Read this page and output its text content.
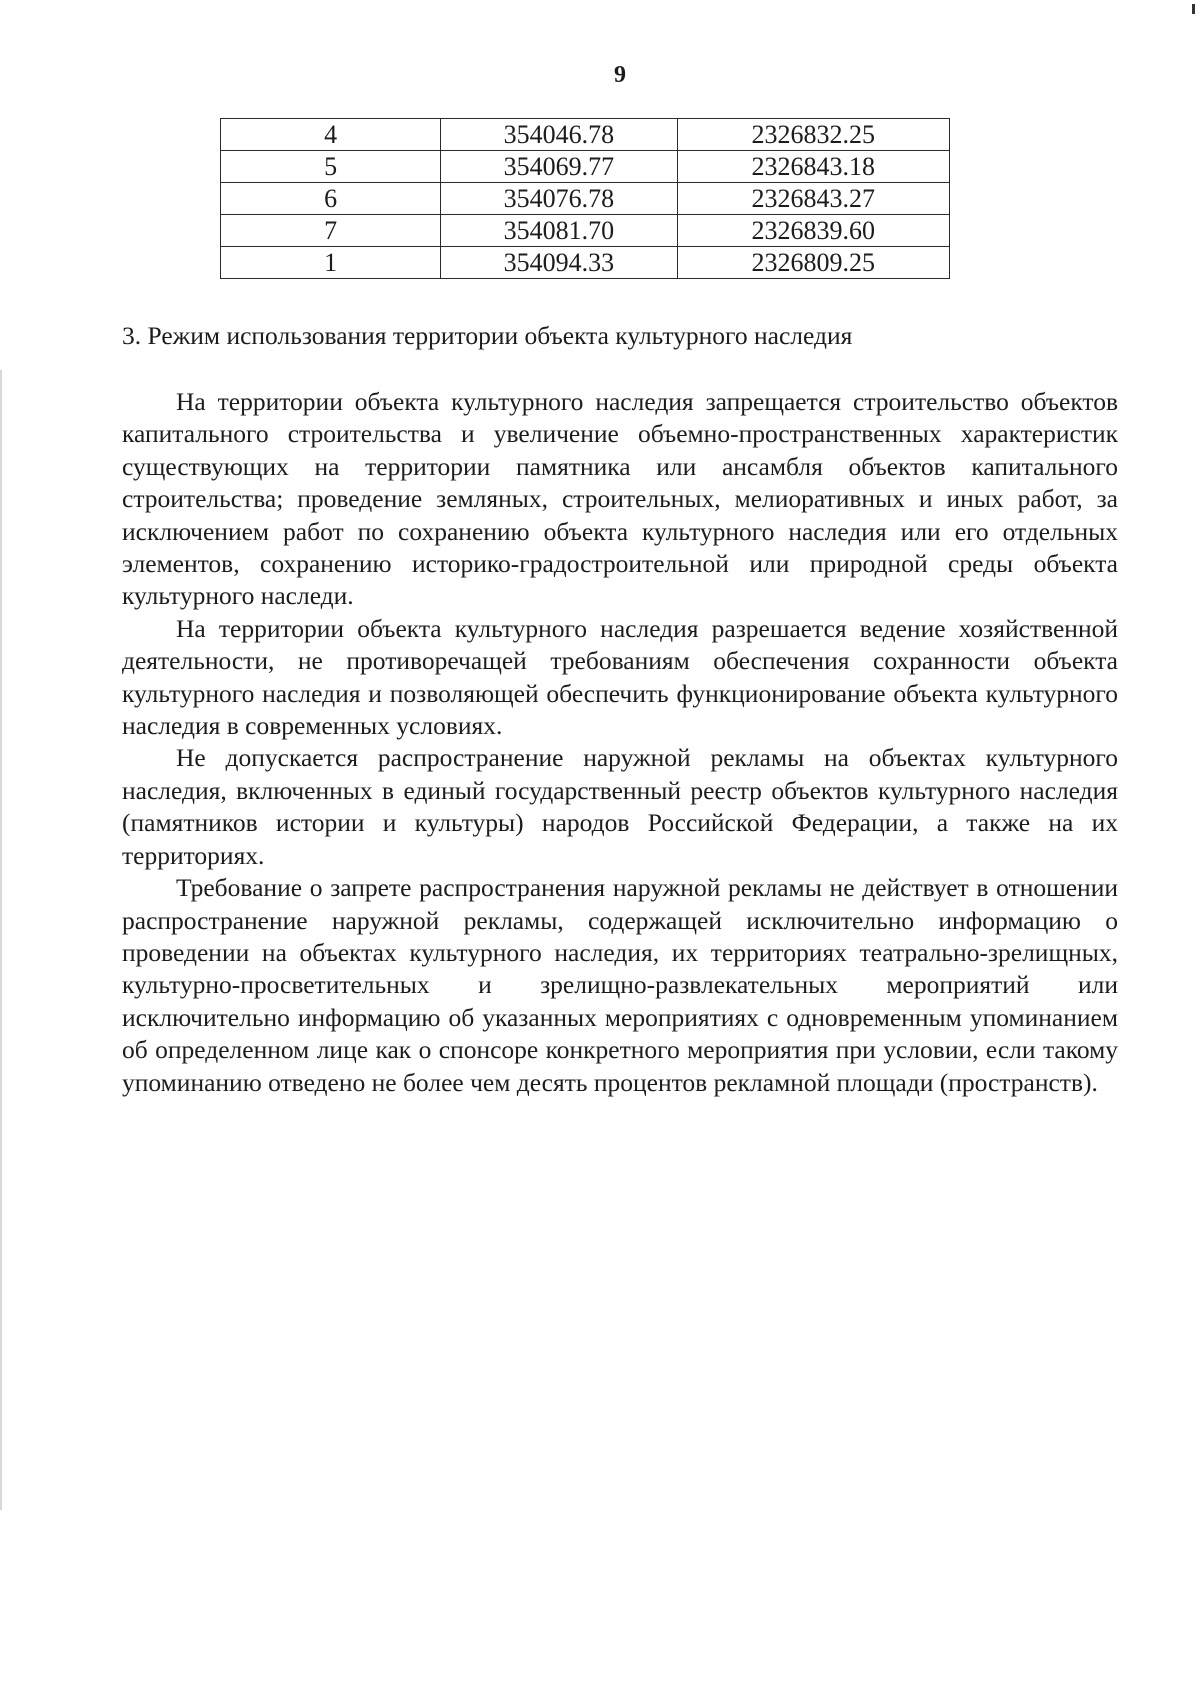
9
4	354046.78	2326832.25
5	354069.77	2326843.18
6	354076.78	2326843.27
7	354081.70	2326839.60
1	354094.33	2326809.25
3. Режим использования территории объекта культурного наследия

На территории объекта культурного наследия запрещается строительство объектов капитального строительства и увеличение объемно-пространственных характеристик существующих на территории памятника или ансамбля объектов капитального строительства; проведение земляных, строительных, мелиоративных и иных работ, за исключением работ по сохранению объекта культурного наследия или его отдельных элементов, сохранению историко-градостроительной или природной среды объекта культурного наследи.

На территории объекта культурного наследия разрешается ведение хозяйственной деятельности, не противоречащей требованиям обеспечения сохранности объекта культурного наследия и позволяющей обеспечить функционирование объекта культурного наследия в современных условиях.

Не допускается распространение наружной рекламы на объектах культурного наследия, включенных в единый государственный реестр объектов культурного наследия (памятников истории и культуры) народов Российской Федерации, а также на их территориях.

Требование о запрете распространения наружной рекламы не действует в отношении распространение наружной рекламы, содержащей исключительно информацию о проведении на объектах культурного наследия, их территориях театрально-зрелищных, культурно-просветительных и зрелищно-развлекательных мероприятий или исключительно информацию об указанных мероприятиях с одновременным упоминанием об определенном лице как о спонсоре конкретного мероприятия при условии, если такому упоминанию отведено не более чем десять процентов рекламной площади (пространств).
